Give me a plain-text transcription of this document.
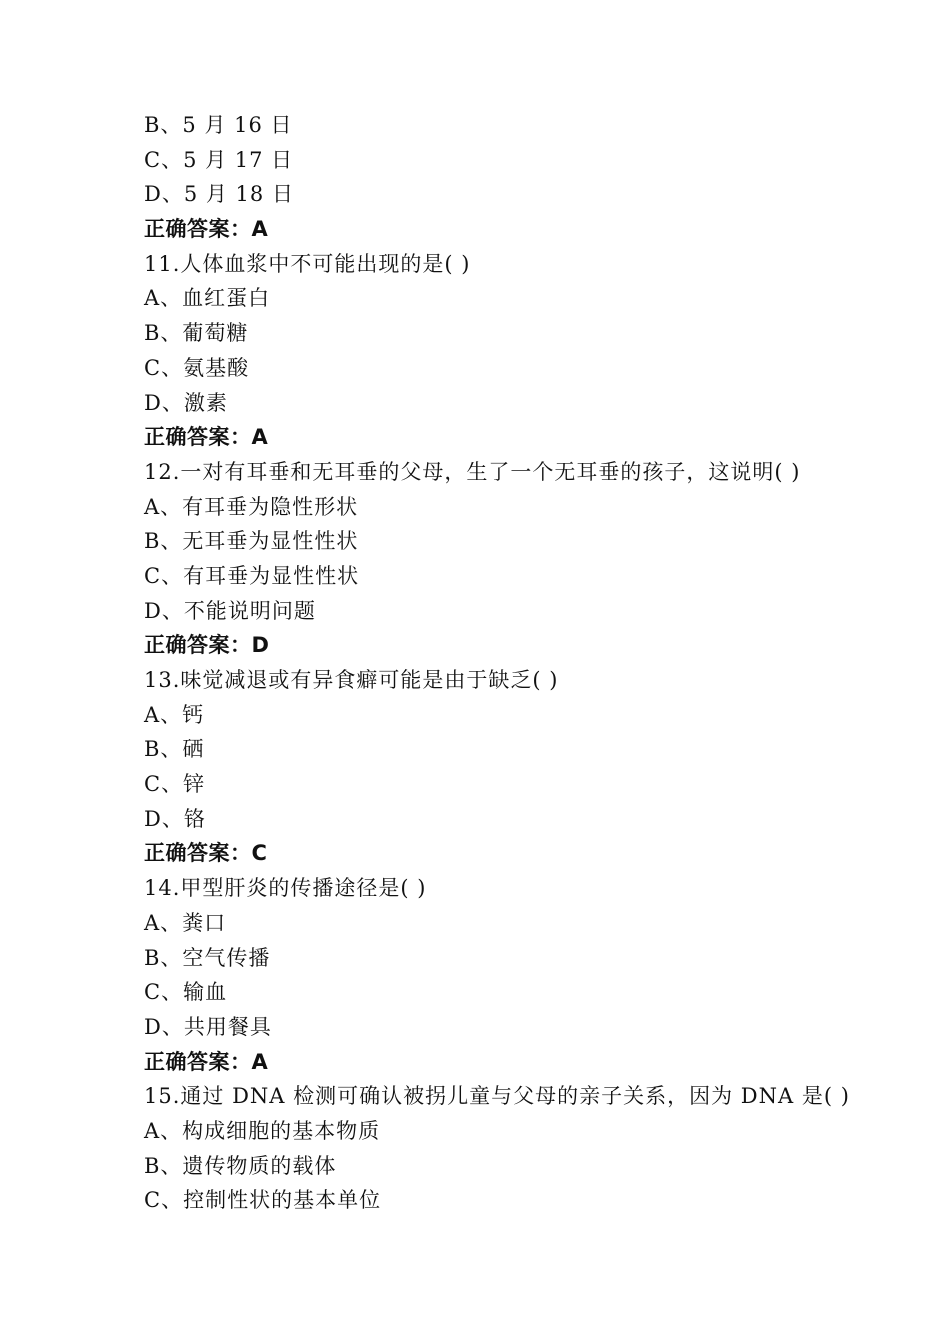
B、5 月 16 日
C、5 月 17 日
D、5 月 18 日
正确答案：A
11.人体血浆中不可能出现的是( )
A、血红蛋白
B、葡萄糖
C、氨基酸
D、激素
正确答案：A
12.一对有耳垂和无耳垂的父母，生了一个无耳垂的孩子，这说明( )
A、有耳垂为隐性形状
B、无耳垂为显性性状
C、有耳垂为显性性状
D、不能说明问题
正确答案：D
13.味觉减退或有异食癖可能是由于缺乏( )
A、钙
B、硒
C、锌
D、铬
正确答案：C
14.甲型肝炎的传播途径是( )
A、粪口
B、空气传播
C、输血
D、共用餐具
正确答案：A
15.通过 DNA 检测可确认被拐儿童与父母的亲子关系，因为 DNA 是( )
A、构成细胞的基本物质
B、遗传物质的载体
C、控制性状的基本单位
